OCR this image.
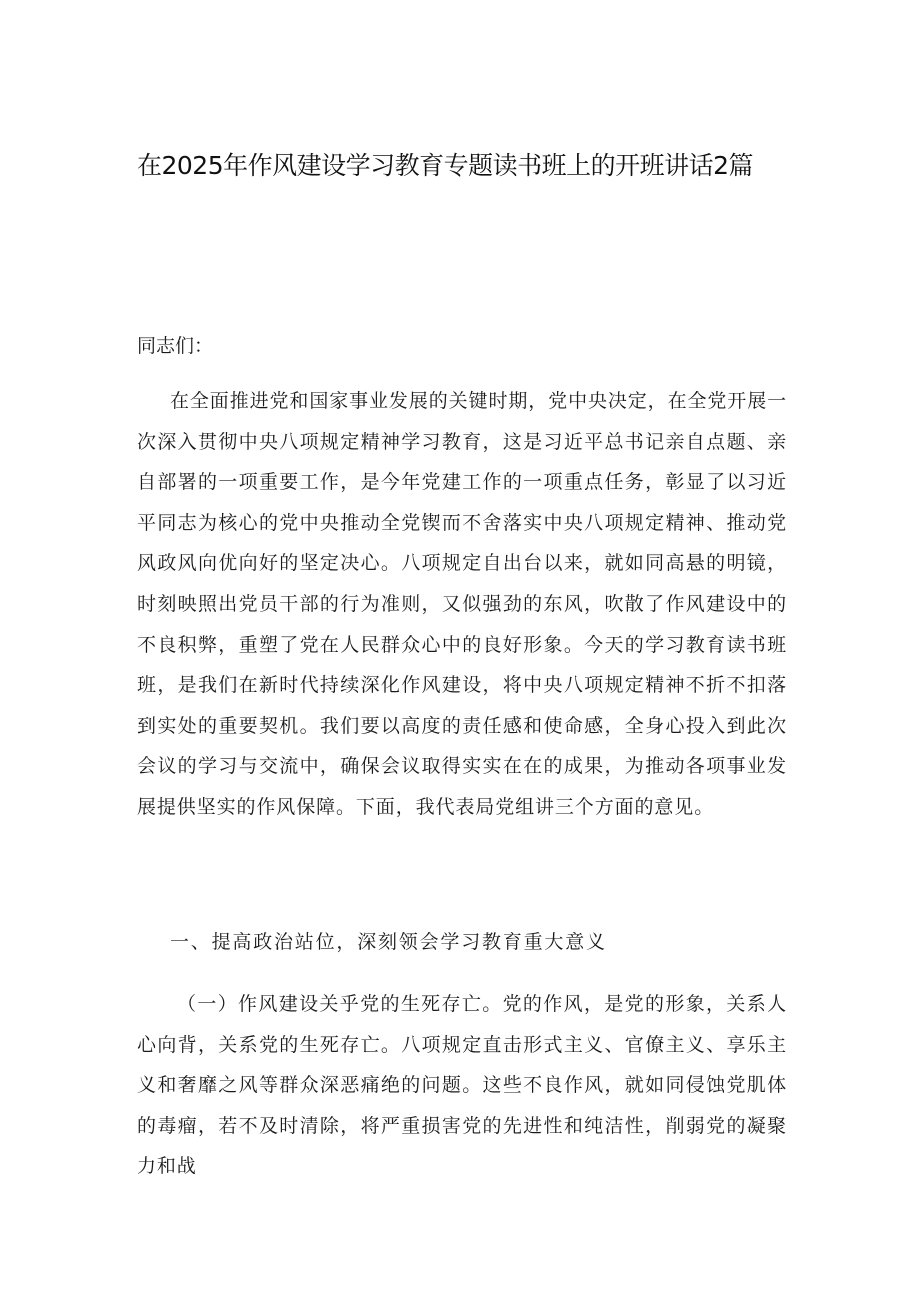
在2025年作风建设学习教育专题读书班上的开班讲话2篇

同志们：

在全面推进党和国家事业发展的关键时期，党中央决定，在全党开展一次深入贯彻中央八项规定精神学习教育，这是习近平总书记亲自点题、亲自部署的一项重要工作，是今年党建工作的一项重点任务，彰显了以习近平同志为核心的党中央推动全党锲而不舍落实中央八项规定精神、推动党风政风向优向好的坚定决心。八项规定自出台以来，就如同高悬的明镜，时刻映照出党员干部的行为准则，又似强劲的东风，吹散了作风建设中的不良积弊，重塑了党在人民群众心中的良好形象。今天的学习教育读书班班，是我们在新时代持续深化作风建设，将中央八项规定精神不折不扣落到实处的重要契机。我们要以高度的责任感和使命感，全身心投入到此次会议的学习与交流中，确保会议取得实实在在的成果，为推动各项事业发展提供坚实的作风保障。下面，我代表局党组讲三个方面的意见。

一、提高政治站位，深刻领会学习教育重大意义

（一）作风建设关乎党的生死存亡。党的作风，是党的形象，关系人心向背，关系党的生死存亡。八项规定直击形式主义、官僚主义、享乐主义和奢靡之风等群众深恶痛绝的问题。这些不良作风，就如同侵蚀党肌体的毒瘤，若不及时清除，将严重损害党的先进性和纯洁性，削弱党的凝聚力和战
